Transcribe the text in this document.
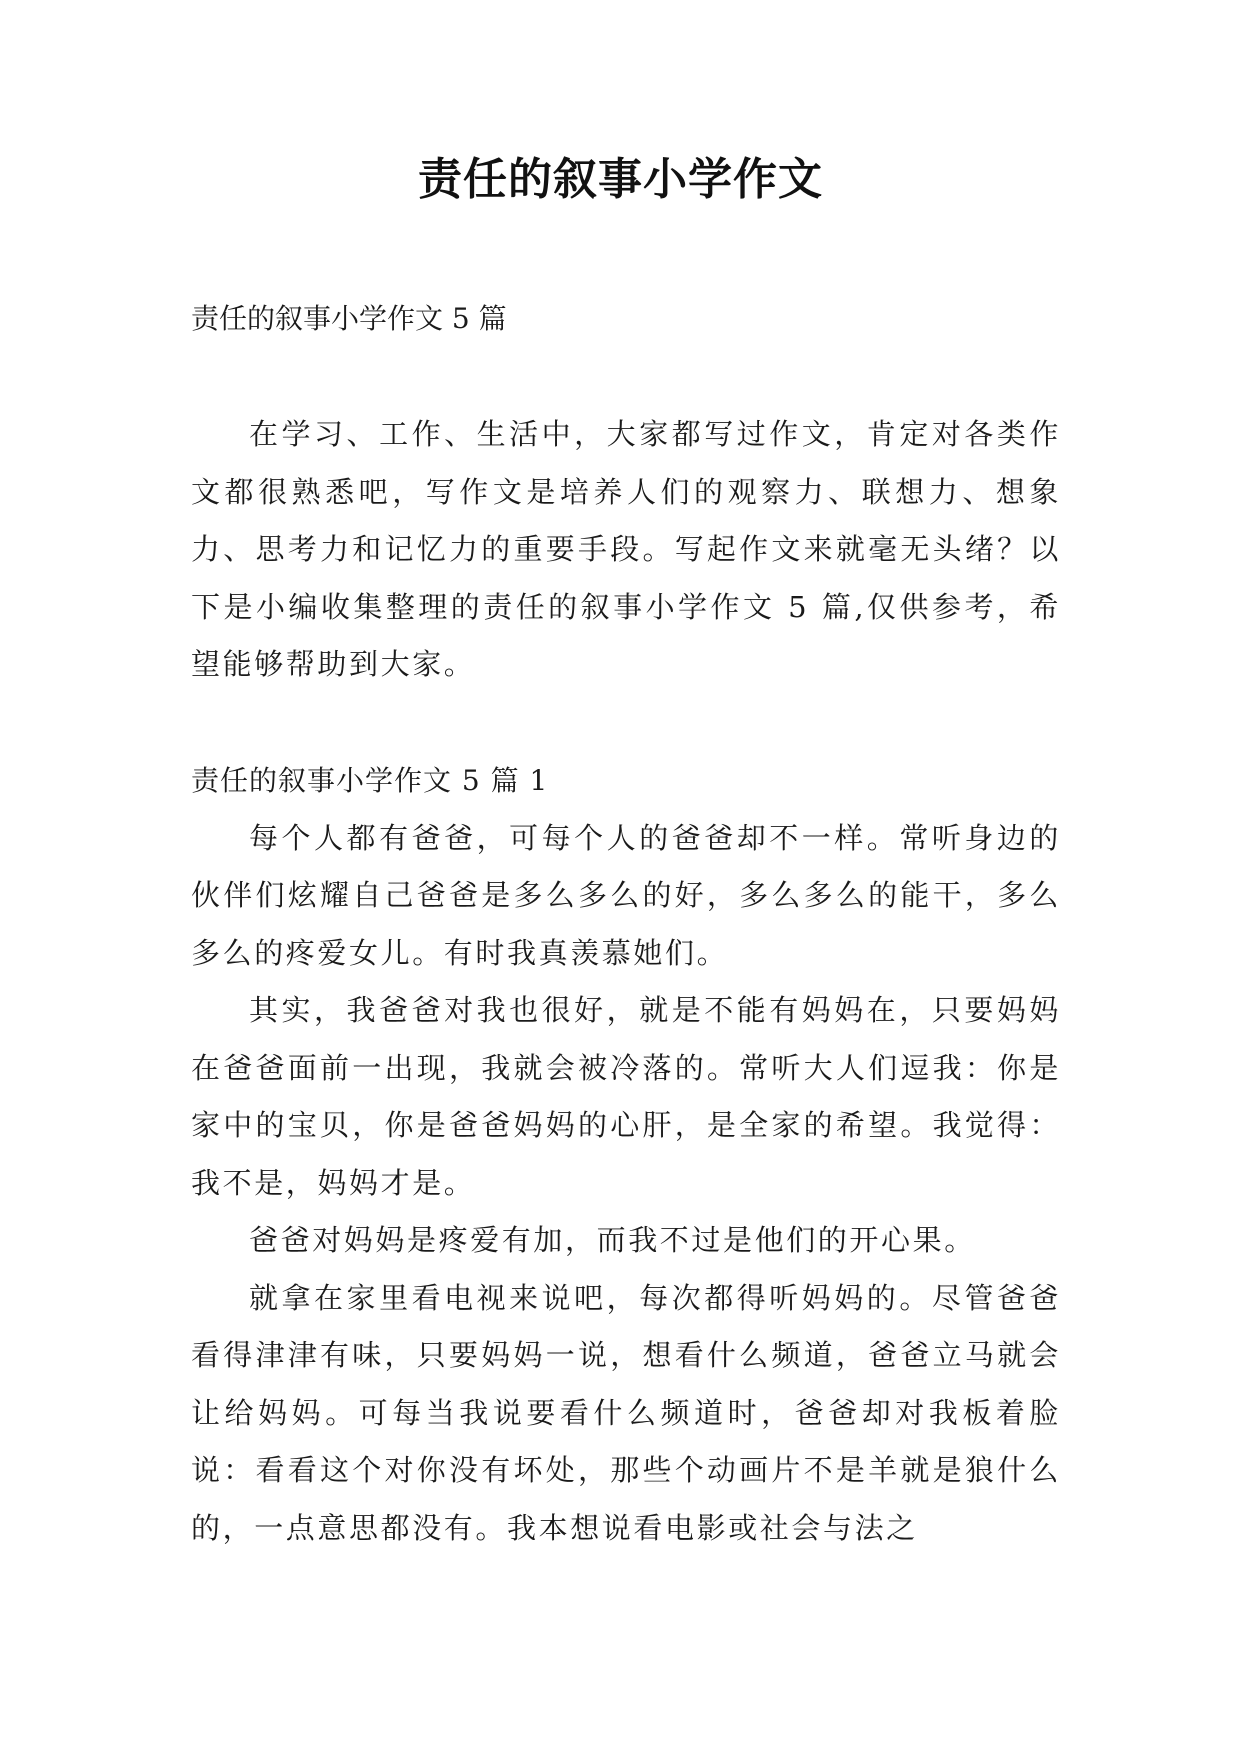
责任的叙事小学作文

责任的叙事小学作文 5 篇

在学习、工作、生活中，大家都写过作文，肯定对各类作文都很熟悉吧，写作文是培养人们的观察力、联想力、想象力、思考力和记忆力的重要手段。写起作文来就毫无头绪？以下是小编收集整理的责任的叙事小学作文 5 篇,仅供参考，希望能够帮助到大家。

责任的叙事小学作文 5 篇 1

每个人都有爸爸，可每个人的爸爸却不一样。常听身边的伙伴们炫耀自己爸爸是多么多么的好，多么多么的能干，多么多么的疼爱女儿。有时我真羡慕她们。

其实，我爸爸对我也很好，就是不能有妈妈在，只要妈妈在爸爸面前一出现，我就会被冷落的。常听大人们逗我：你是家中的宝贝，你是爸爸妈妈的心肝，是全家的希望。我觉得：我不是，妈妈才是。

爸爸对妈妈是疼爱有加，而我不过是他们的开心果。

就拿在家里看电视来说吧，每次都得听妈妈的。尽管爸爸看得津津有味，只要妈妈一说，想看什么频道，爸爸立马就会让给妈妈。可每当我说要看什么频道时，爸爸却对我板着脸说：看看这个对你没有坏处，那些个动画片不是羊就是狼什么的，一点意思都没有。我本想说看电影或社会与法之
